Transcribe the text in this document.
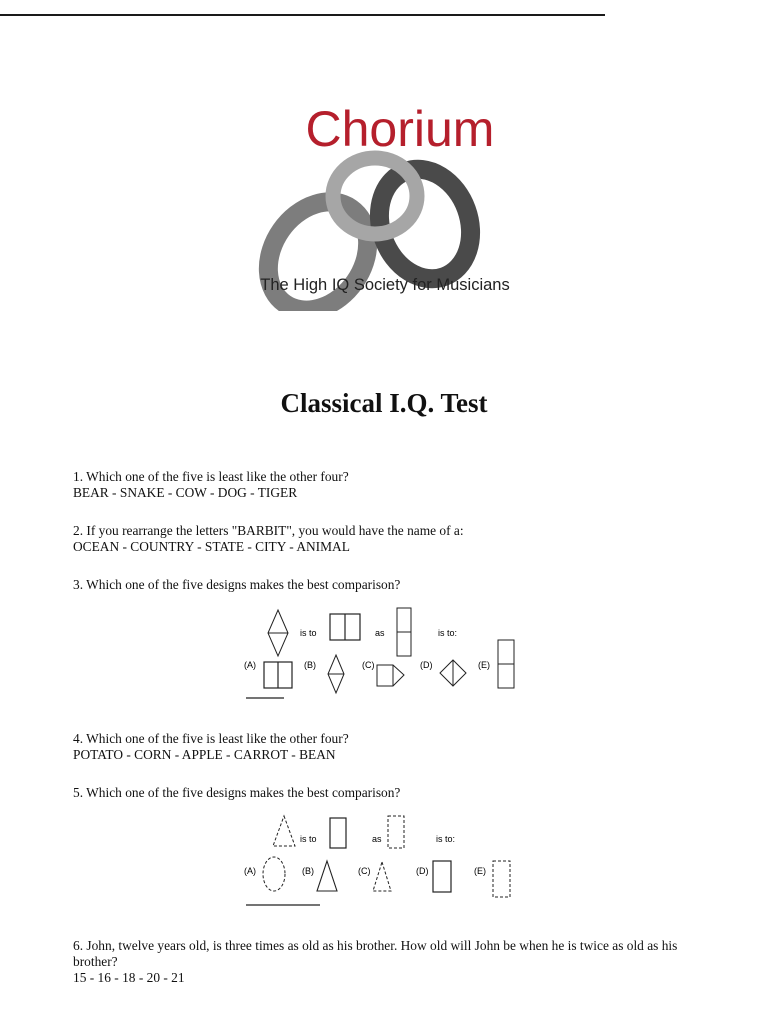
Chorium
The High IQ Society for Musicians
Classical I.Q. Test

1. Which one of the five is least like the other four?

BEAR - SNAKE - COW - DOG - TIGER

2. If you rearrange the letters "BARBIT", you would have the name of a:

OCEAN - COUNTRY - STATE - CITY - ANIMAL

3. Which one of the five designs makes the best comparison?

is to	as	is to:
(A)	(B)	(C)	(D)	(E)

4. Which one of the five is least like the other four?

POTATO - CORN - APPLE - CARROT - BEAN

5. Which one of the five designs makes the best comparison?

is to	as	is to:
(A)	(B)	(C)	(D)	(E)

6. John, twelve years old, is three times as old as his brother. How old will John be when he is twice as old as his brother?

15 - 16 - 18 - 20 - 21
